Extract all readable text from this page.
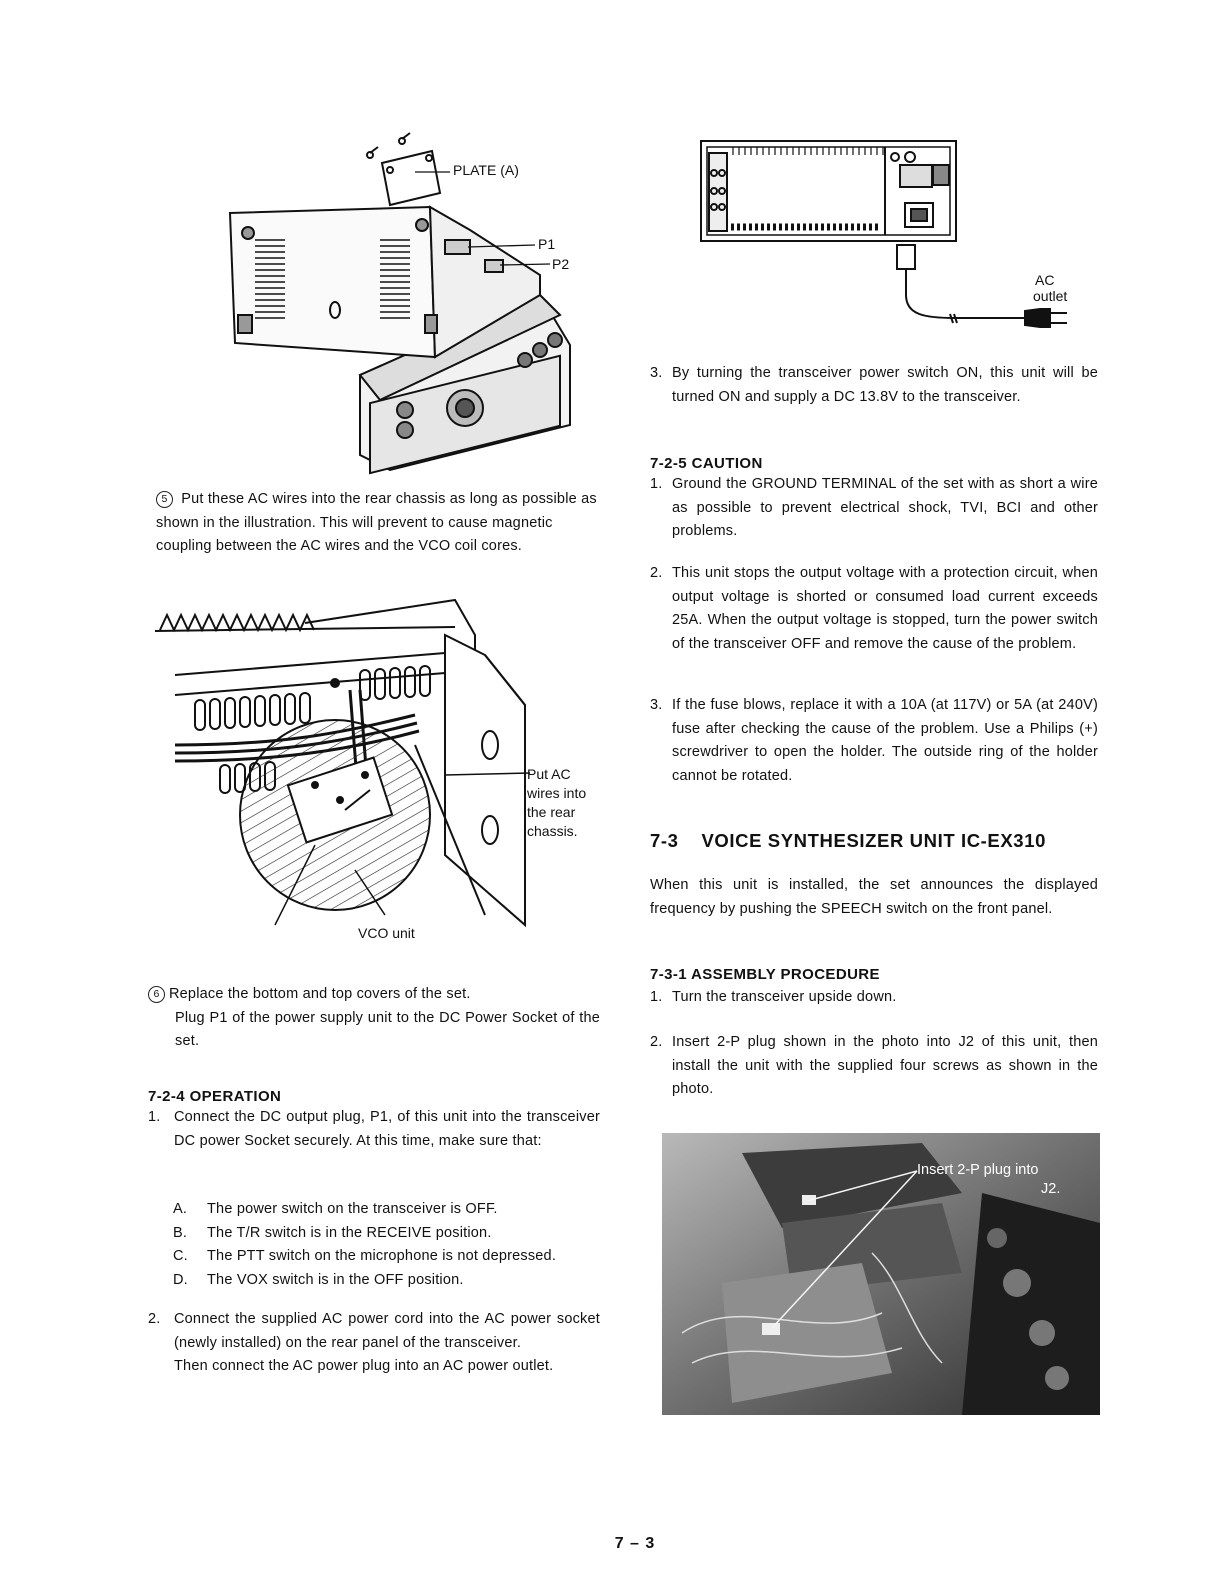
PLATE (A)
P1
P2
5 Put these AC wires into the rear chassis as long as possible as shown in the illustration. This will prevent to cause magnetic coupling between the AC wires and the VCO coil cores.
Put AC
wires into
the rear
chassis.
VCO unit
6 Replace the bottom and top covers of the set.
Plug P1 of the power supply unit to the DC Power Socket of the set.
7-2-4 OPERATION
1. Connect the DC output plug, P1, of this unit into the transceiver DC power Socket securely. At this time, make sure that:
A. The power switch on the transceiver is OFF.
B. The T/R switch is in the RECEIVE position.
C. The PTT switch on the microphone is not depressed.
D. The VOX switch is in the OFF position.
2. Connect the supplied AC power cord into the AC power socket (newly installed) on the rear panel of the transceiver.
Then connect the AC power plug into an AC power outlet.
AC
outlet
3. By turning the transceiver power switch ON, this unit will be turned ON and supply a DC 13.8V to the transceiver.
7-2-5 CAUTION
1. Ground the GROUND TERMINAL of the set with as short a wire as possible to prevent electrical shock, TVI, BCI and other problems.
2. This unit stops the output voltage with a protection circuit, when output voltage is shorted or consumed load current exceeds 25A. When the output voltage is stopped, turn the power switch of the transceiver OFF and remove the cause of the problem.
3. If the fuse blows, replace it with a 10A (at 117V) or 5A (at 240V) fuse after checking the cause of the problem. Use a Philips (+) screwdriver to open the holder. The outside ring of the holder cannot be rotated.
7-3    VOICE SYNTHESIZER UNIT IC-EX310
When this unit is installed, the set announces the displayed frequency by pushing the SPEECH switch on the front panel.
7-3-1 ASSEMBLY PROCEDURE
1. Turn the transceiver upside down.
2. Insert 2-P plug shown in the photo into J2 of this unit, then install the unit with the supplied four screws as shown in the photo.
Insert 2-P plug into
J2.
7 – 3
